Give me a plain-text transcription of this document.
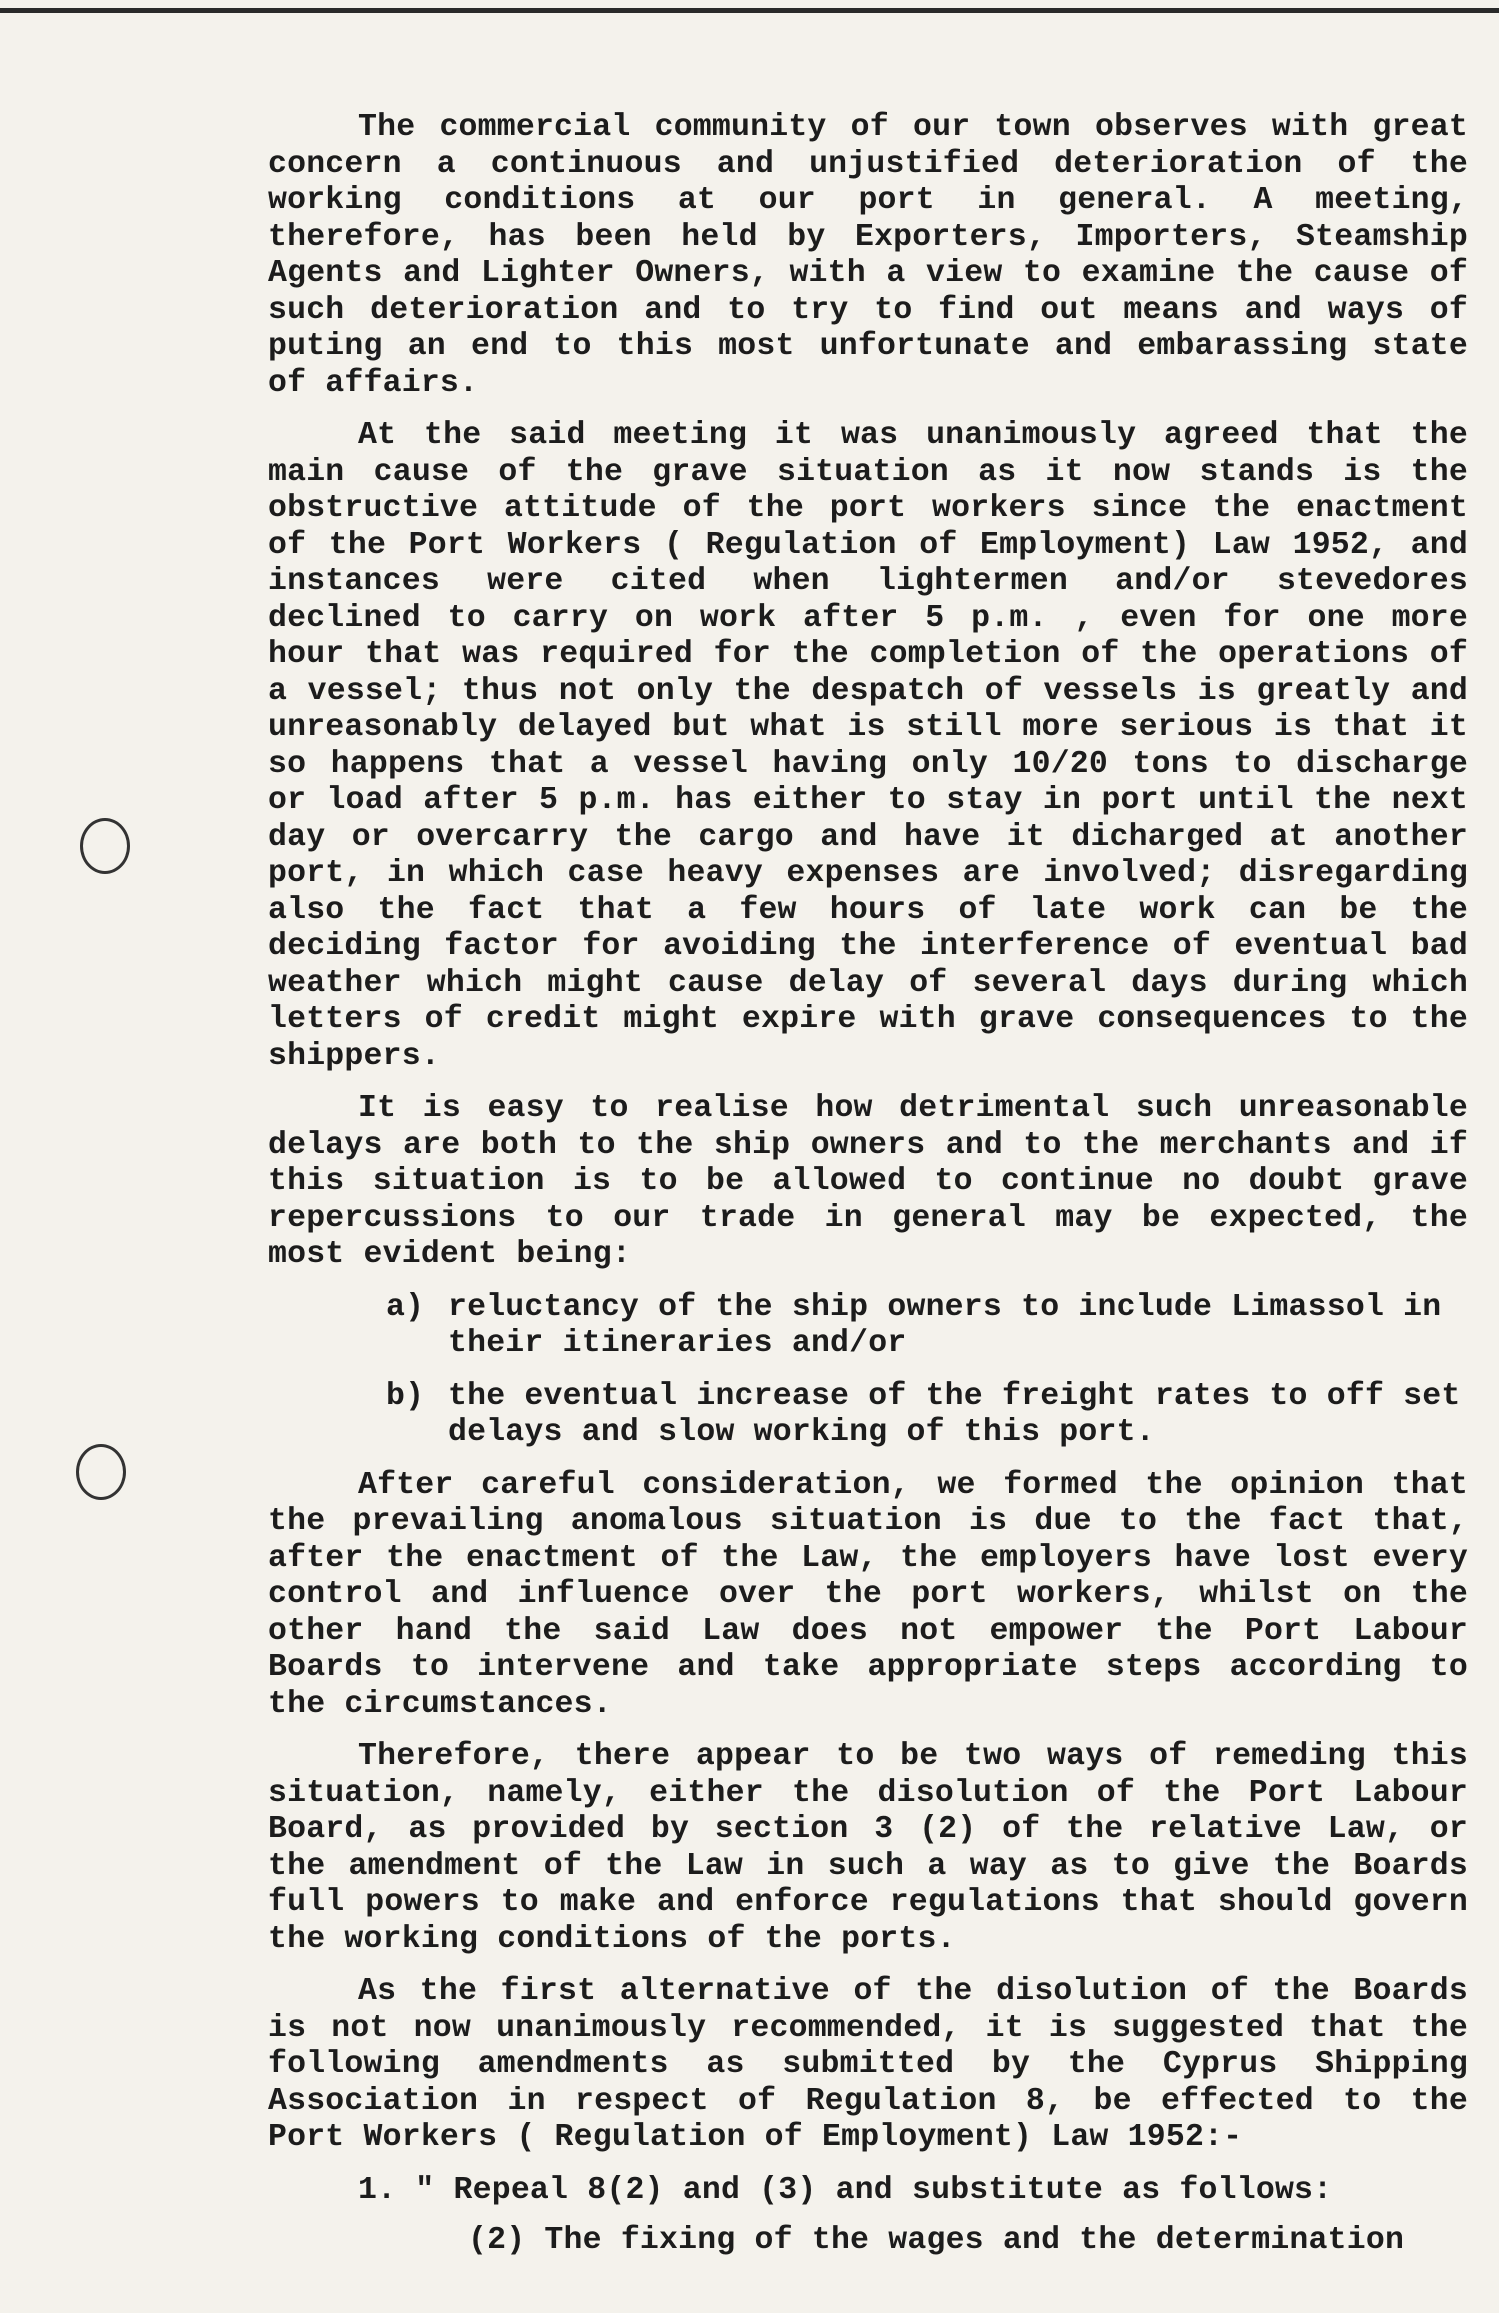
The commercial community of our town observes with great concern a continuous and unjustified deterioration of the working conditions at our port in general. A meeting, therefore, has been held by Exporters, Importers, Steamship Agents and Lighter Owners, with a view to examine the cause of such deterioration and to try to find out means and ways of puting an end to this most unfortunate and embarassing state of affairs.

At the said meeting it was unanimously agreed that the main cause of the grave situation as it now stands is the obstructive attitude of the port workers since the enactment of the Port Workers ( Regulation of Employment) Law 1952, and instances were cited when lightermen and/or stevedores declined to carry on work after 5 p.m. , even for one more hour that was required for the completion of the operations of a vessel; thus not only the despatch of vessels is greatly and unreasonably delayed but what is still more serious is that it so happens that a vessel having only 10/20 tons to discharge or load after 5 p.m. has either to stay in port until the next day or overcarry the cargo and have it dicharged at another port, in which case heavy expenses are involved; disregarding also the fact that a few hours of late work can be the deciding factor for avoiding the interference of eventual bad weather which might cause delay of several days during which letters of credit might expire with grave consequences to the shippers.

It is easy to realise how detrimental such unreasonable delays are both to the ship owners and to the merchants and if this situation is to be allowed to continue no doubt grave repercussions to our trade in general may be expected, the most evident being:

a) reluctancy of the ship owners to include Limassol in their itineraries and/or
b) the eventual increase of the freight rates to off set delays and slow working of this port.

After careful consideration, we formed the opinion that the prevailing anomalous situation is due to the fact that, after the enactment of the Law, the employers have lost every control and influence over the port workers, whilst on the other hand the said Law does not empower the Port Labour Boards to intervene and take appropriate steps according to the circumstances.

Therefore, there appear to be two ways of remeding this situation, namely, either the disolution of the Port Labour Board, as provided by section 3 (2) of the relative Law, or the amendment of the Law in such a way as to give the Boards full powers to make and enforce regulations that should govern the working conditions of the ports.

As the first alternative of the disolution of the Boards is not now unanimously recommended, it is suggested that the following amendments as submitted by the Cyprus Shipping Association in respect of Regulation 8, be effected to the Port Workers ( Regulation of Employment) Law 1952:-

1. " Repeal 8(2) and (3) and substitute as follows:
(2) The fixing of the wages and the determination
